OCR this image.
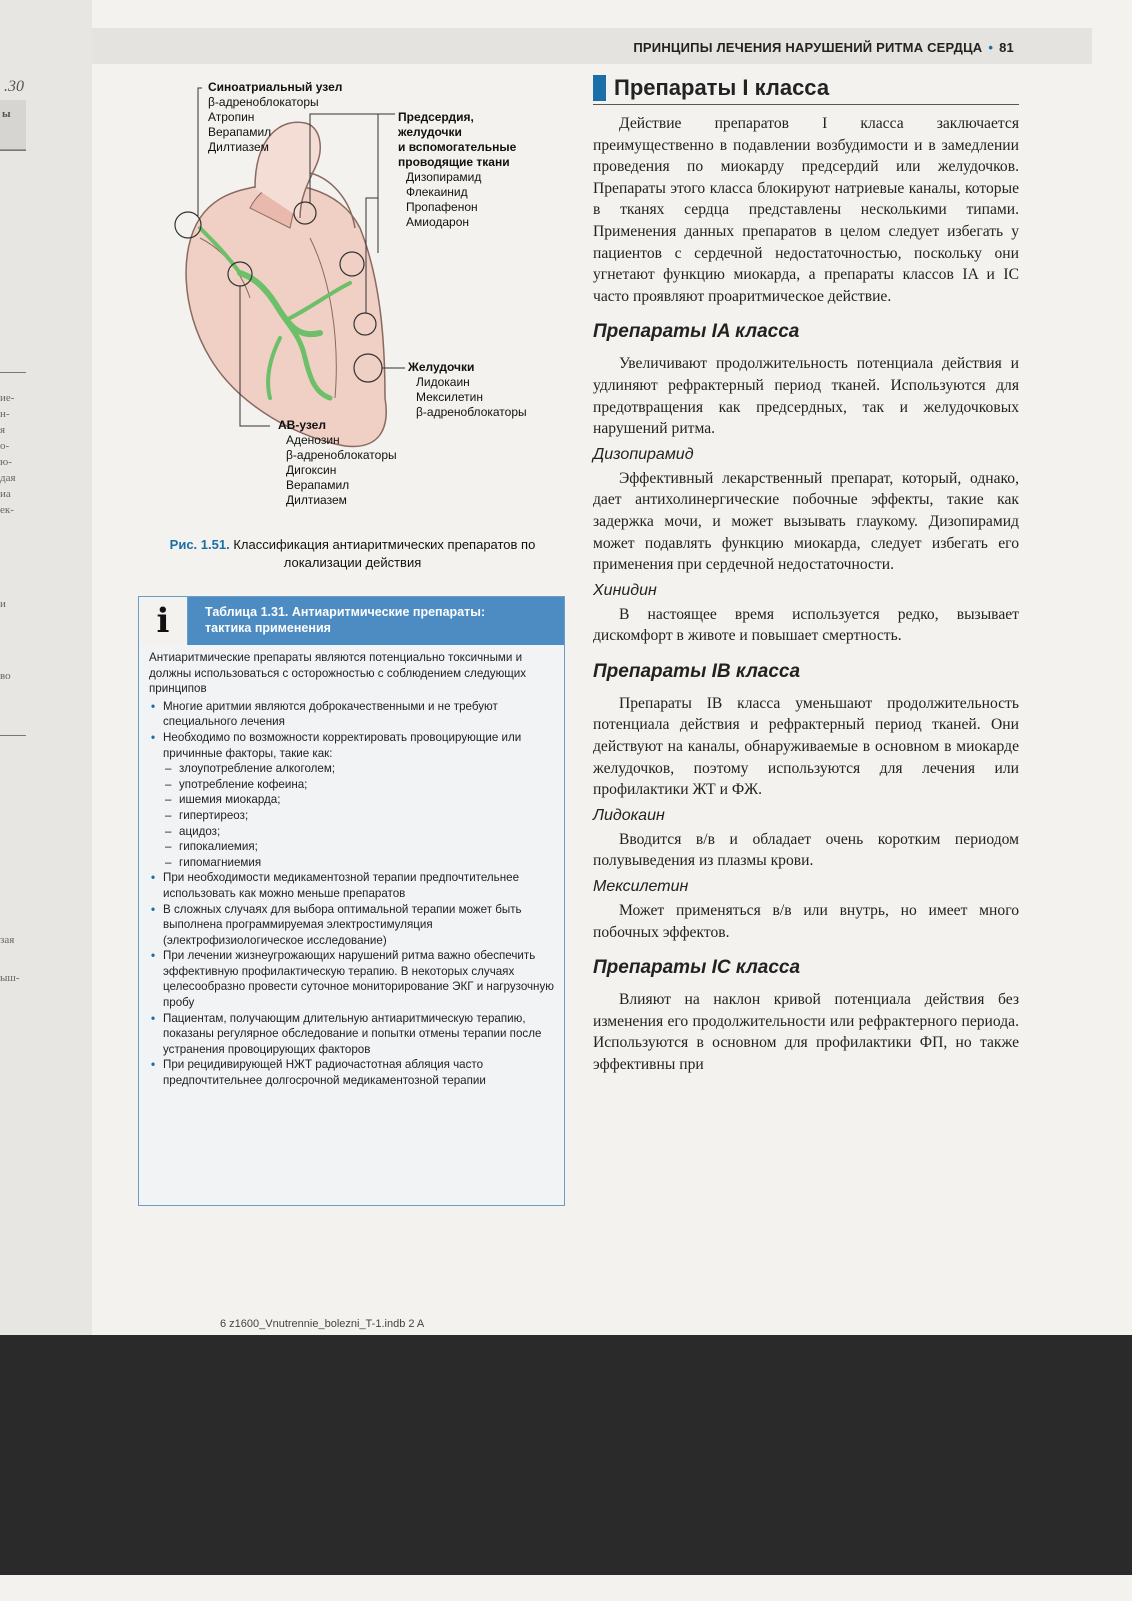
.30
ы
ие-
н-
я
о-
ю-
дая
иа
ек-
и
во
зая
ыш-
ПРИНЦИПЫ ЛЕЧЕНИЯ НАРУШЕНИЙ РИТМА СЕРДЦА • 81
Синоатриальный узел
β-адреноблокаторы
Атропин
Верапамил
Дилтиазем
Предсердия,
желудочки
и вспомогательные
проводящие ткани
Дизопирамид
Флекаинид
Пропафенон
Амиодарон
Желудочки
Лидокаин
Мексилетин
β-адреноблокаторы
АВ-узел
Аденозин
β-адреноблокаторы
Дигоксин
Верапамил
Дилтиазем
Рис. 1.51. Классификация антиаритмических препаратов по локализации действия
i	Таблица 1.31. Антиаритмические препараты:
тактика применения

Антиаритмические препараты являются потенциально токсичными и должны использоваться с осторожностью с соблюдением следующих принципов

• Многие аритмии являются доброкачественными и не требуют специального лечения
• Необходимо по возможности корректировать провоцирующие или причинные факторы, такие как:
– злоупотребление алкоголем;
– употребление кофеина;
– ишемия миокарда;
– гипертиреоз;
– ацидоз;
– гипокалиемия;
– гипомагниемия
• При необходимости медикаментозной терапии предпочтительнее использовать как можно меньше препаратов
• В сложных случаях для выбора оптимальной терапии может быть выполнена программируемая электростимуляция (электрофизиологическое исследование)
• При лечении жизнеугрожающих нарушений ритма важно обеспечить эффективную профилактическую терапию. В некоторых случаях целесообразно провести суточное мониторирование ЭКГ и нагрузочную пробу
• Пациентам, получающим длительную антиаритмическую терапию, показаны регулярное обследование и попытки отмены терапии после устранения провоцирующих факторов
• При рецидивирующей НЖТ радиочастотная абляция часто предпочтительнее долгосрочной медикаментозной терапии
Препараты I класса

Действие препаратов I класса заключается преимущественно в подавлении возбудимости и в замедлении проведения по миокарду предсердий или желудочков. Препараты этого класса блокируют натриевые каналы, которые в тканях сердца представлены несколькими типами. Применения данных препаратов в целом следует избегать у пациентов с сердечной недостаточностью, поскольку они угнетают функцию миокарда, а препараты классов IA и IC часто проявляют проаритмическое действие.

Препараты IA класса

Увеличивают продолжительность потенциала действия и удлиняют рефрактерный период тканей. Используются для предотвращения как предсердных, так и желудочковых нарушений ритма.

Дизопирамид

Эффективный лекарственный препарат, который, однако, дает антихолинергические побочные эффекты, такие как задержка мочи, и может вызывать глаукому. Дизопирамид может подавлять функцию миокарда, следует избегать его применения при сердечной недостаточности.

Хинидин

В настоящее время используется редко, вызывает дискомфорт в животе и повышает смертность.

Препараты IB класса

Препараты IB класса уменьшают продолжительность потенциала действия и рефрактерный период тканей. Они действуют на каналы, обнаруживаемые в основном в миокарде желудочков, поэтому используются для лечения или профилактики ЖТ и ФЖ.

Лидокаин

Вводится в/в и обладает очень коротким периодом полувыведения из плазмы крови.

Мексилетин

Может применяться в/в или внутрь, но имеет много побочных эффектов.

Препараты IC класса

Влияют на наклон кривой потенциала действия без изменения его продолжительности или рефрактерного периода. Используются в основном для профилактики ФП, но также эффективны при

6 z1600_Vnutrennie_bolezni_T-1.indb 2 A
